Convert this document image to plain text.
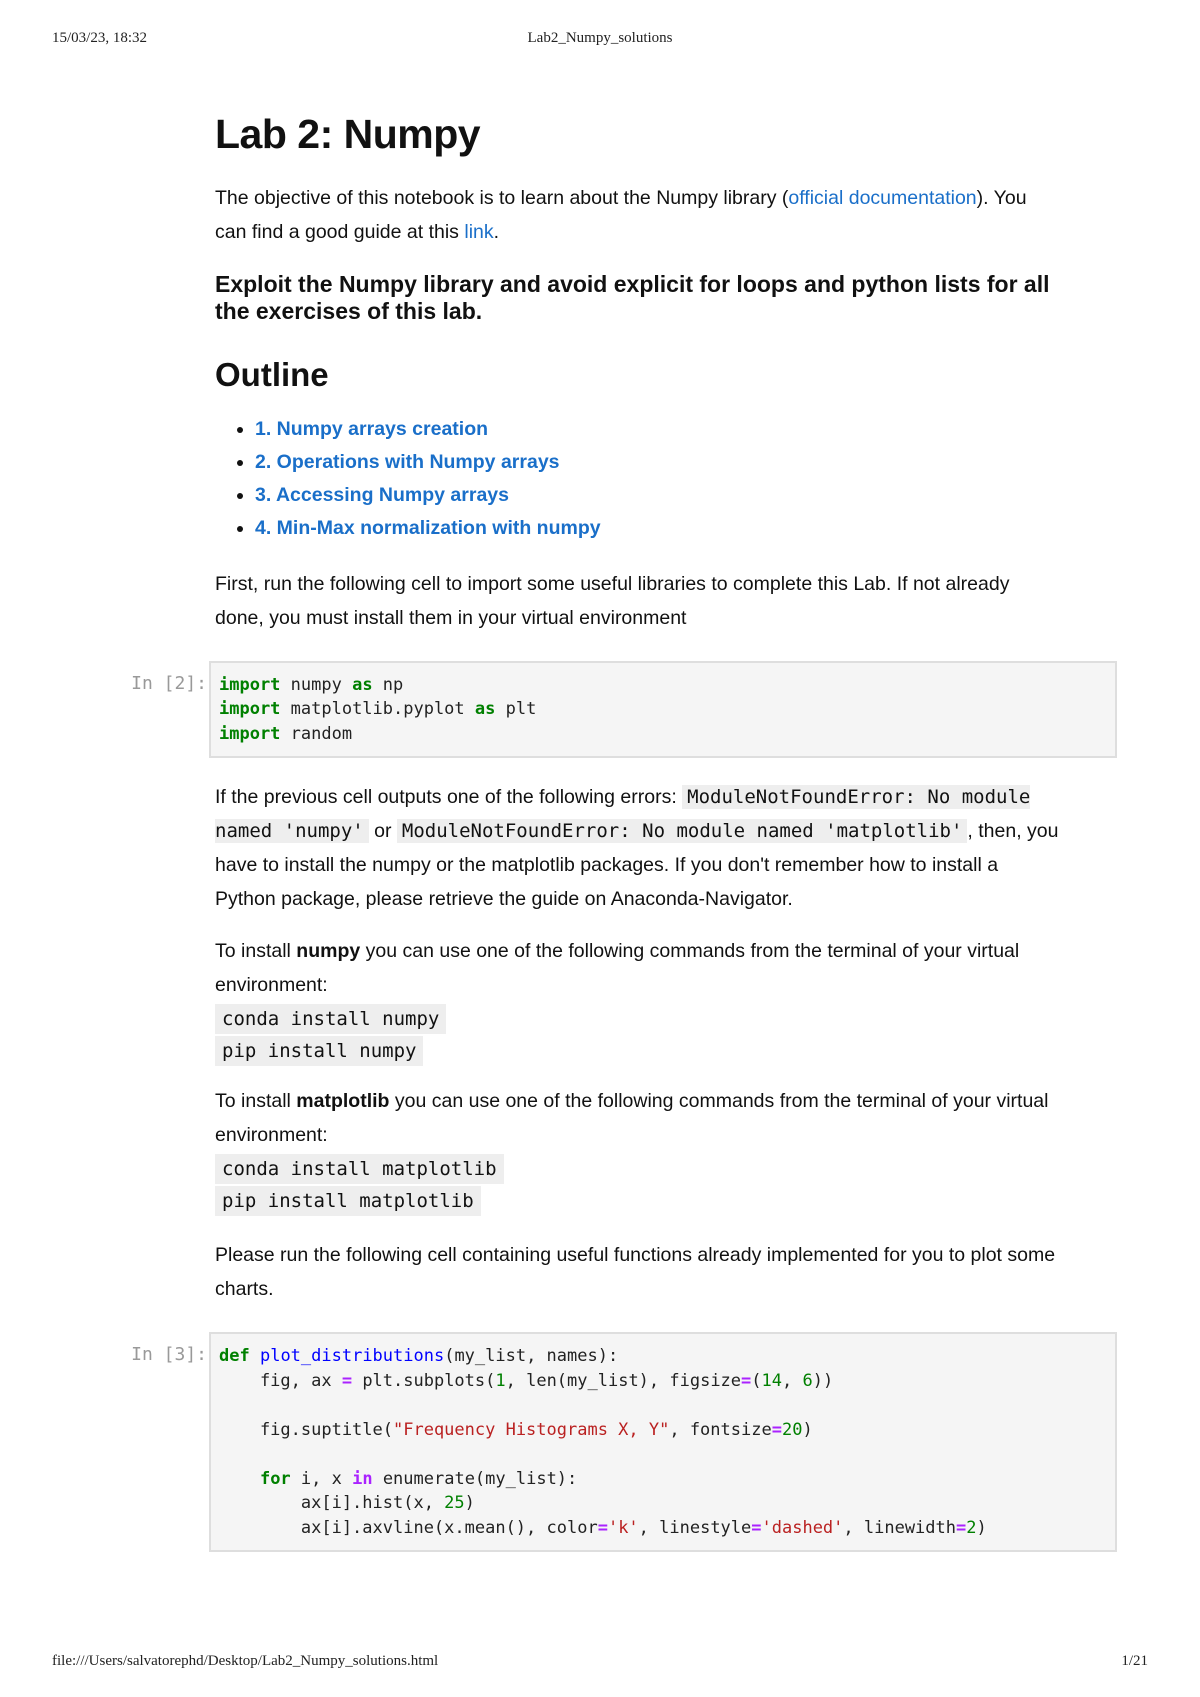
15/03/23, 18:32	Lab2_Numpy_solutions
Lab 2: Numpy

The objective of this notebook is to learn about the Numpy library (official documentation). You can find a good guide at this link.

Exploit the Numpy library and avoid explicit for loops and python lists for all the exercises of this lab.
Outline
• 1. Numpy arrays creation
• 2. Operations with Numpy arrays
• 3. Accessing Numpy arrays
• 4. Min-Max normalization with numpy

First, run the following cell to import some useful libraries to complete this Lab. If not already done, you must install them in your virtual environment

In [2]: import numpy as np
import matplotlib.pyplot as plt
import random

If the previous cell outputs one of the following errors: ModuleNotFoundError: No module named 'numpy' or ModuleNotFoundError: No module named 'matplotlib' , then, you have to install the numpy or the matplotlib packages. If you don't remember how to install a Python package, please retrieve the guide on Anaconda-Navigator.

To install numpy you can use one of the following commands from the terminal of your virtual environment:

conda install numpy
pip install numpy

To install matplotlib you can use one of the following commands from the terminal of your virtual environment:

conda install matplotlib
pip install matplotlib

Please run the following cell containing useful functions already implemented for you to plot some charts.

In [3]: def plot_distributions(my_list, names):
fig, ax = plt.subplots(1, len(my_list), figsize=(14, 6))

fig.suptitle("Frequency Histograms X, Y", fontsize=20)

for i, x in enumerate(my_list):
ax[i].hist(x, 25)
ax[i].axvline(x.mean(), color='k', linestyle='dashed', linewidth=2)
file:///Users/salvatorephd/Desktop/Lab2_Numpy_solutions.html	1/21
